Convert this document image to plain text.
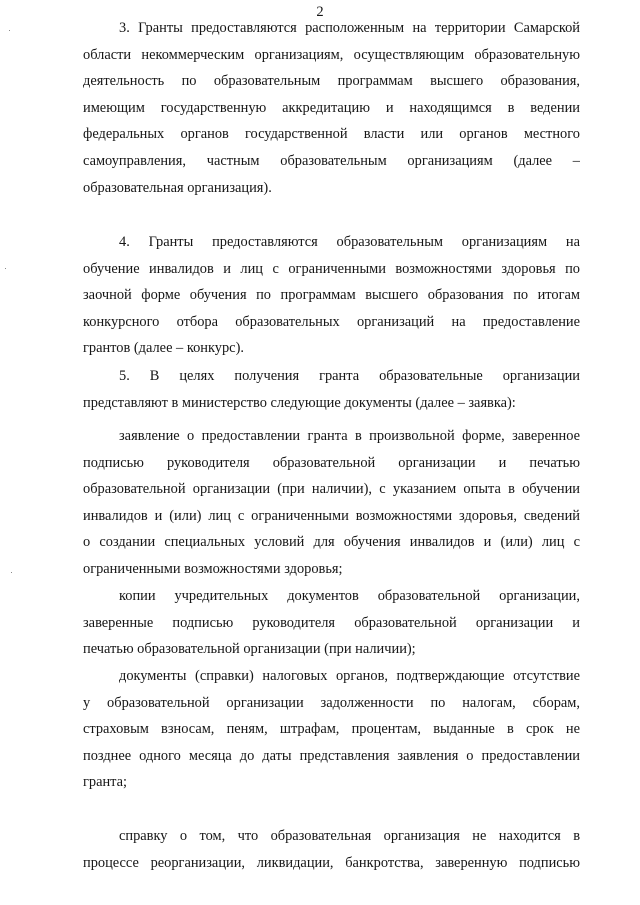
2
3. Гранты предоставляются расположенным на территории Самарской
области некоммерческим организациям, осуществляющим образовательную
деятельность по образовательным программам высшего образования,
имеющим государственную аккредитацию и находящимся в ведении
федеральных органов государственной власти или органов местного
самоуправления, частным образовательным организациям (далее –
образовательная организация).
4. Гранты предоставляются образовательным организациям на
обучение инвалидов и лиц с ограниченными возможностями здоровья по
заочной форме обучения по программам высшего образования по итогам
конкурсного отбора образовательных организаций на предоставление
грантов (далее – конкурс).
5. В целях получения гранта образовательные организации
представляют в министерство следующие документы (далее – заявка):
заявление о предоставлении гранта в произвольной форме, заверенное
подписью руководителя образовательной организации и печатью
образовательной организации (при наличии), с указанием опыта в обучении
инвалидов и (или) лиц с ограниченными возможностями здоровья, сведений
о создании специальных условий для обучения инвалидов и (или) лиц с
ограниченными возможностями здоровья;
копии учредительных документов образовательной организации,
заверенные подписью руководителя образовательной организации и
печатью образовательной организации (при наличии);
документы (справки) налоговых органов, подтверждающие отсутствие
у образовательной организации задолженности по налогам, сборам,
страховым взносам, пеням, штрафам, процентам, выданные в срок не
позднее одного месяца до даты представления заявления о предоставлении
гранта;
справку о том, что образовательная организация не находится в
процессе реорганизации, ликвидации, банкротства, заверенную подписью
